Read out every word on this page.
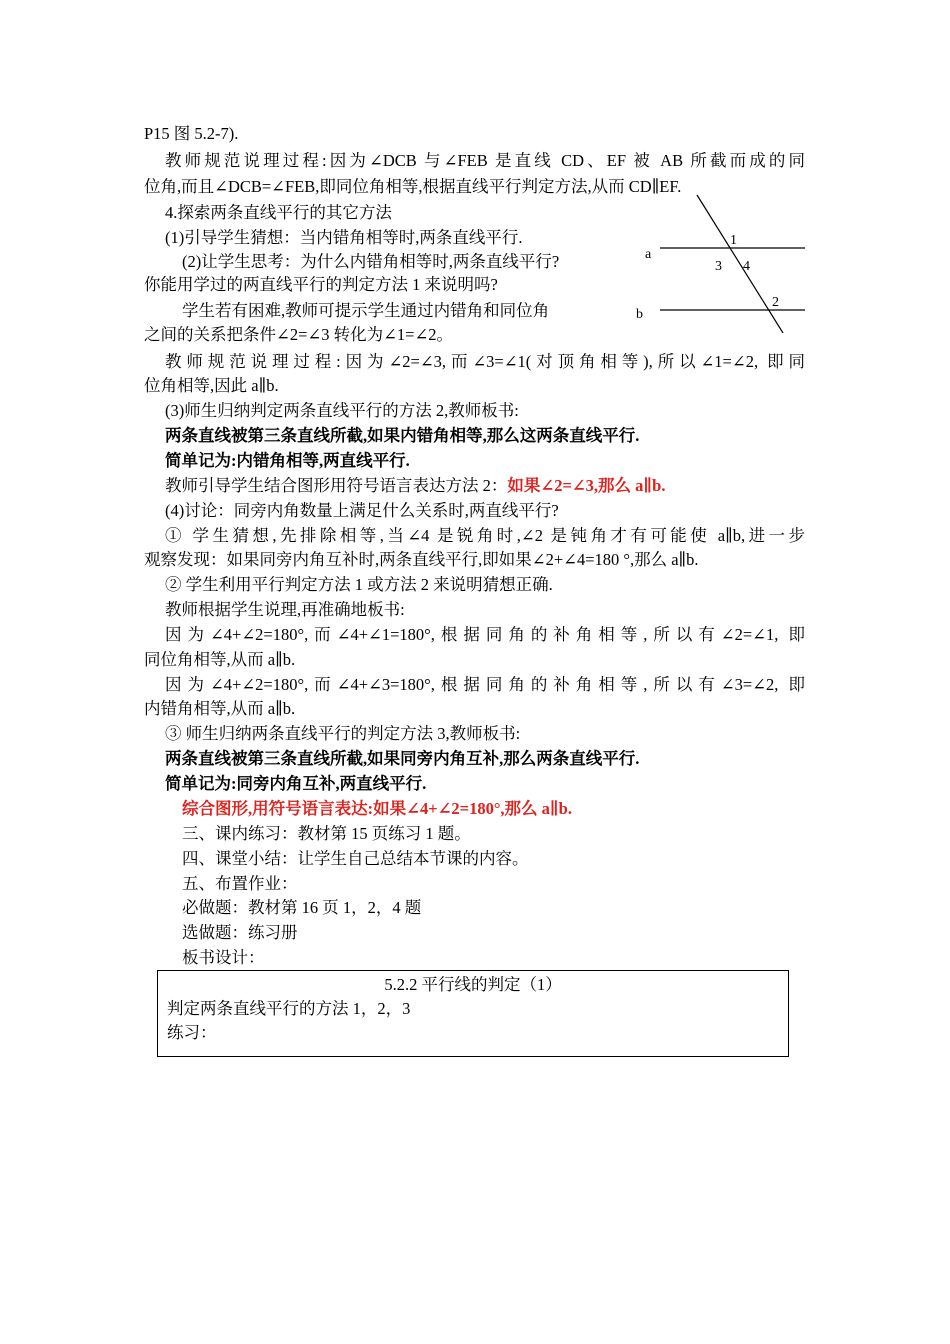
P15 图 5.2-7).
教师规范说理过程:因为∠DCB 与∠FEB 是直线 CD、EF 被 AB 所截而成的同
位角,而且∠DCB=∠FEB,即同位角相等,根据直线平行判定方法,从而 CD∥EF.
4.探索两条直线平行的其它方法
(1)引导学生猜想：当内错角相等时,两条直线平行.
(2)让学生思考：为什么内错角相等时,两条直线平行?
你能用学过的两直线平行的判定方法 1 来说明吗?
学生若有困难,教师可提示学生通过内错角和同位角
之间的关系把条件∠2=∠3 转化为∠1=∠2。
教师规范说理过程:因为∠2=∠3,而∠3=∠1(对顶角相等),所以∠1=∠2, 即同
位角相等,因此 a∥b.
(3)师生归纳判定两条直线平行的方法 2,教师板书:
两条直线被第三条直线所截,如果内错角相等,那么这两条直线平行.
简单记为:内错角相等,两直线平行.
教师引导学生结合图形用符号语言表达方法 2：如果∠2=∠3,那么 a∥b.
(4)讨论：同旁内角数量上满足什么关系时,两直线平行?
① 学生猜想,先排除相等,当∠4 是锐角时,∠2 是钝角才有可能使 a∥b,进一步
观察发现：如果同旁内角互补时,两条直线平行,即如果∠2+∠4=180 °,那么 a∥b.
② 学生利用平行判定方法 1 或方法 2 来说明猜想正确.
教师根据学生说理,再准确地板书:
因为∠4+∠2=180°,而∠4+∠1=180°,根据同角的补角相等,所以有∠2=∠1, 即
同位角相等,从而 a∥b.
因为∠4+∠2=180°,而∠4+∠3=180°,根据同角的补角相等,所以有∠3=∠2, 即
内错角相等,从而 a∥b.
③ 师生归纳两条直线平行的判定方法 3,教师板书:
两条直线被第三条直线所截,如果同旁内角互补,那么两条直线平行.
简单记为:同旁内角互补,两直线平行.
综合图形,用符号语言表达:如果∠4+∠2=180°,那么 a∥b.
三、课内练习：教材第 15 页练习 1 题。
四、课堂小结：让学生自己总结本节课的内容。
五、布置作业：
必做题：教材第 16 页 1，2，4 题
选做题：练习册
板书设计：
a
b
1
3 4
2
5.2.2 平行线的判定（1）
判定两条直线平行的方法 1，2，3
练习：
